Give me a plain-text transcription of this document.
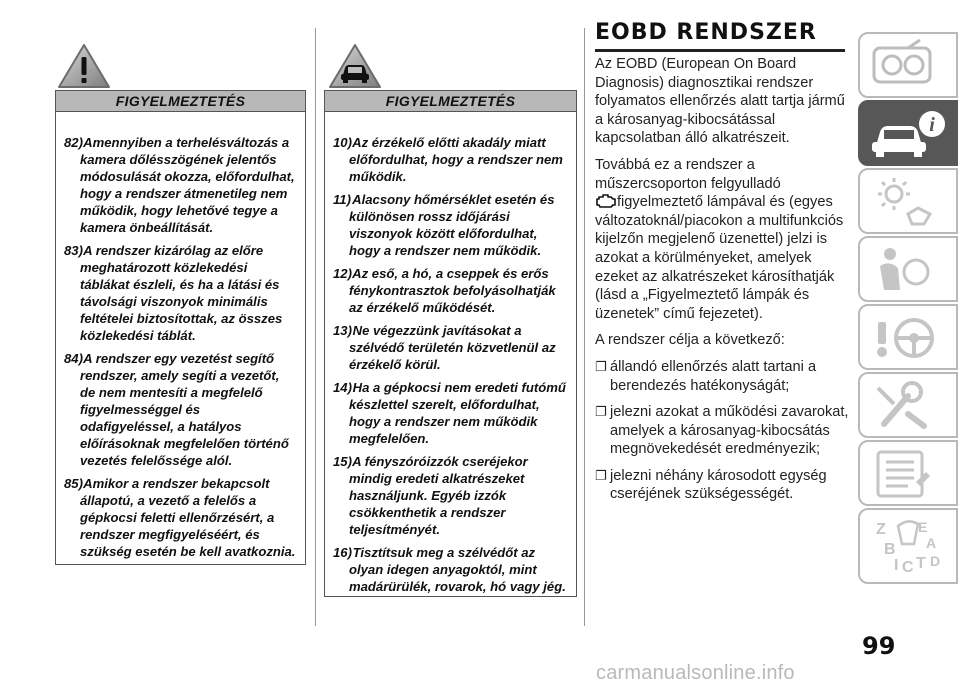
FIGYELMEZTETÉS
82) Amennyiben a terhelésváltozás a kamera dőlésszögének jelentős módosulását okozza, előfordulhat, hogy a rendszer átmenetileg nem működik, hogy lehetővé tegye a kamera önbeállítását.
83) A rendszer kizárólag az előre meghatározott közlekedési táblákat észleli, és ha a látási és távolsági viszonyok minimális feltételei biztosítottak, az összes közlekedési táblát.
84) A rendszer egy vezetést segítő rendszer, amely segíti a vezetőt, de nem mentesíti a megfelelő figyelmességgel és odafigyeléssel, a hatályos előírásoknak megfelelően történő vezetés felelőssége alól.
85) Amikor a rendszer bekapcsolt állapotú, a vezető a felelős a gépkocsi feletti ellenőrzésért, a rendszer megfigyeléséért, és szükség esetén be kell avatkoznia.
FIGYELMEZTETÉS
10) Az érzékelő előtti akadály miatt előfordulhat, hogy a rendszer nem működik.
11) Alacsony hőmérséklet esetén és különösen rossz időjárási viszonyok között előfordulhat, hogy a rendszer nem működik.
12) Az eső, a hó, a cseppek és erős fénykontrasztok befolyásolhatják az érzékelő működését.
13) Ne végezzünk javításokat a szélvédő területén közvetlenül az érzékelő körül.
14) Ha a gépkocsi nem eredeti futómű készlettel szerelt, előfordulhat, hogy a rendszer nem működik megfelelően.
15) A fényszóróizzók cseréjekor mindig eredeti alkatrészeket használjunk. Egyéb izzók csökkenthetik a rendszer teljesítményét.
16) Tisztítsuk meg a szélvédőt az olyan idegen anyagoktól, mint madárürülék, rovarok, hó vagy jég.
EOBD RENDSZER

Az EOBD (European On Board Diagnosis) diagnosztikai rendszer folyamatos ellenőrzés alatt tartja jármű a károsanyag-kibocsátással kapcsolatban álló alkatrészeit.

Továbbá ez a rendszer a műszercsoporton felgyulladó
figyelmeztető lámpával és (egyes változatoknál/piacokon a multifunkciós kijelzőn megjelenő üzenettel) jelzi is azokat a körülményeket, amelyek ezeket az alkatrészeket károsíthatják (lásd a „Figyelmeztető lámpák és üzenetek” című fejezetet).

A rendszer célja a következő:

❐ állandó ellenőrzés alatt tartani a berendezés hatékonyságát;
❐ jelezni azokat a működési zavarokat, amelyek a károsanyag-kibocsátás megnövekedését eredményezik;
❐ jelezni néhány károsodott egység cseréjének szükségességét.
i
Z E
B A
I C T D
99
carmanualsonline.info
